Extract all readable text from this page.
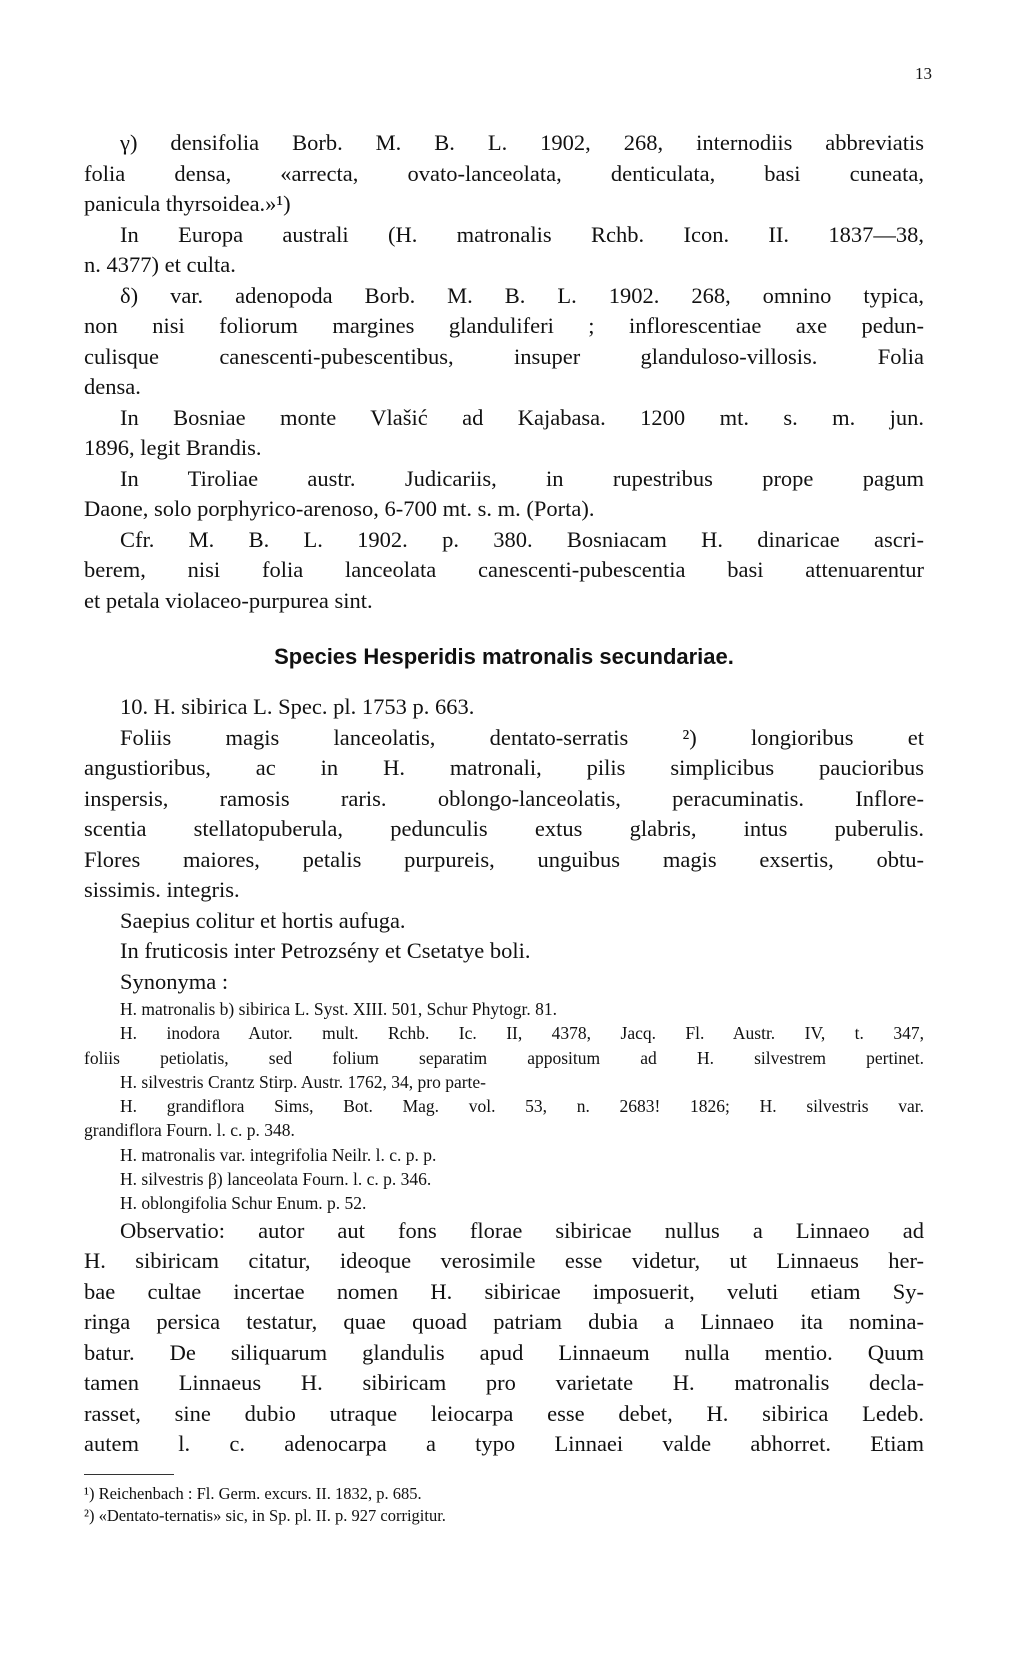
13
γ) densifolia Borb. M. B. L. 1902, 268, internodiis abbreviatis
folia densa, «arrecta, ovato-lanceolata, denticulata, basi cuneata,
panicula thyrsoidea.»¹)
In Europa australi (H. matronalis Rchb. Icon. II. 1837—38,
n. 4377) et culta.
δ) var. adenopoda Borb. M. B. L. 1902. 268, omnino typica,
non nisi foliorum margines glanduliferi ; inflorescentiae axe pedun-
culisque canescenti-pubescentibus, insuper glanduloso-villosis. Folia
densa.
In Bosniae monte Vlašić ad Kajabasa. 1200 mt. s. m. jun.
1896, legit Brandis.
In Tiroliae austr. Judicariis, in rupestribus prope pagum
Daone, solo porphyrico-arenoso, 6-700 mt. s. m. (Porta).
Cfr. M. B. L. 1902. p. 380. Bosniacam H. dinaricae ascri-
berem, nisi folia lanceolata canescenti-pubescentia basi attenuarentur
et petala violaceo-purpurea sint.
Species Hesperidis matronalis secundariae.
10. H. sibirica L. Spec. pl. 1753 p. 663.
Foliis magis lanceolatis, dentato-serratis ²) longioribus et
angustioribus, ac in H. matronali, pilis simplicibus paucioribus
inspersis, ramosis raris. oblongo-lanceolatis, peracuminatis. Inflore-
scentia stellatopuberula, pedunculis extus glabris, intus puberulis.
Flores maiores, petalis purpureis, unguibus magis exsertis, obtu-
sissimis. integris.
Saepius colitur et hortis aufuga.
In fruticosis inter Petrozsény et Csetatye boli.
Synonyma :
H. matronalis b) sibirica L. Syst. XIII. 501, Schur Phytogr. 81.
H. inodora Autor. mult. Rchb. Ic. II, 4378, Jacq. Fl. Austr. IV, t. 347,
foliis petiolatis, sed folium separatim appositum ad H. silvestrem pertinet.
H. silvestris Crantz Stirp. Austr. 1762, 34, pro parte-
H. grandiflora Sims, Bot. Mag. vol. 53, n. 2683! 1826; H. silvestris var.
grandiflora Fourn. l. c. p. 348.
H. matronalis var. integrifolia Neilr. l. c. p. p.
H. silvestris β) lanceolata Fourn. l. c. p. 346.
H. oblongifolia Schur Enum. p. 52.
Observatio: autor aut fons florae sibiricae nullus a Linnaeo ad
H. sibiricam citatur, ideoque verosimile esse videtur, ut Linnaeus her-
bae cultae incertae nomen H. sibiricae imposuerit, veluti etiam Sy-
ringa persica testatur, quae quoad patriam dubia a Linnaeo ita nomina-
batur. De siliquarum glandulis apud Linnaeum nulla mentio. Quum
tamen Linnaeus H. sibiricam pro varietate H. matronalis decla-
rasset, sine dubio utraque leiocarpa esse debet, H. sibirica Ledeb.
autem l. c. adenocarpa a typo Linnaei valde abhorret. Etiam
¹) Reichenbach : Fl. Germ. excurs. II. 1832, p. 685.
²) «Dentato-ternatis» sic, in Sp. pl. II. p. 927 corrigitur.
